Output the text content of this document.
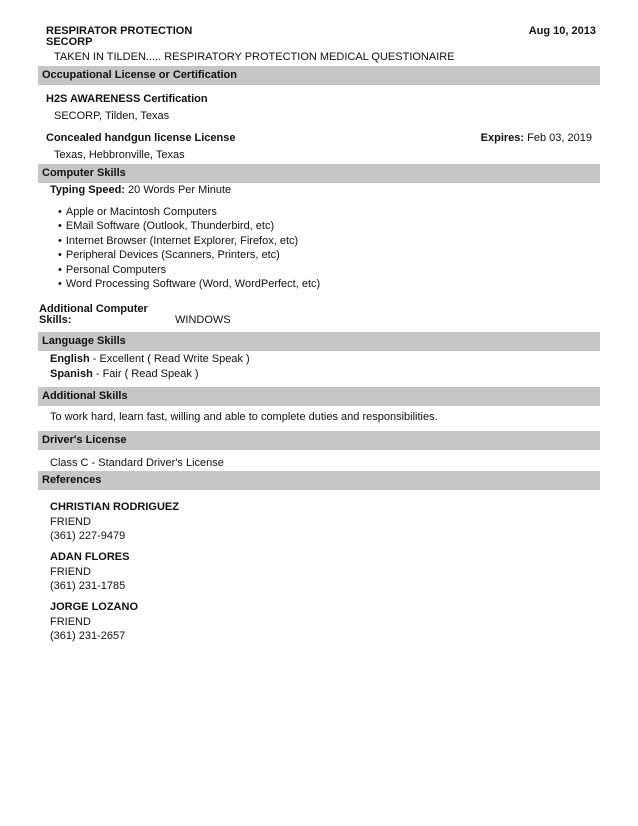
RESPIRATOR PROTECTION
SECORP
Aug 10, 2013
TAKEN IN TILDEN..... RESPIRATORY PROTECTION MEDICAL QUESTIONAIRE
Occupational License or Certification
H2S AWARENESS Certification
SECORP, Tilden, Texas
Concealed handgun license License	Expires: Feb 03, 2019
Texas, Hebbronville, Texas
Computer Skills
Typing Speed: 20 Words Per Minute
• Apple or Macintosh Computers
• EMail Software (Outlook, Thunderbird, etc)
• Internet Browser (Internet Explorer, Firefox, etc)
• Peripheral Devices (Scanners, Printers, etc)
• Personal Computers
• Word Processing Software (Word, WordPerfect, etc)
Additional Computer
Skills:	WINDOWS
Language Skills
English - Excellent ( Read Write Speak )
Spanish - Fair ( Read Speak )
Additional Skills
To work hard, learn fast, willing and able to complete duties and responsibilities.
Driver's License
Class C - Standard Driver's License
References
CHRISTIAN RODRIGUEZ
FRIEND
(361) 227-9479
ADAN FLORES
FRIEND
(361) 231-1785
JORGE LOZANO
FRIEND
(361) 231-2657
